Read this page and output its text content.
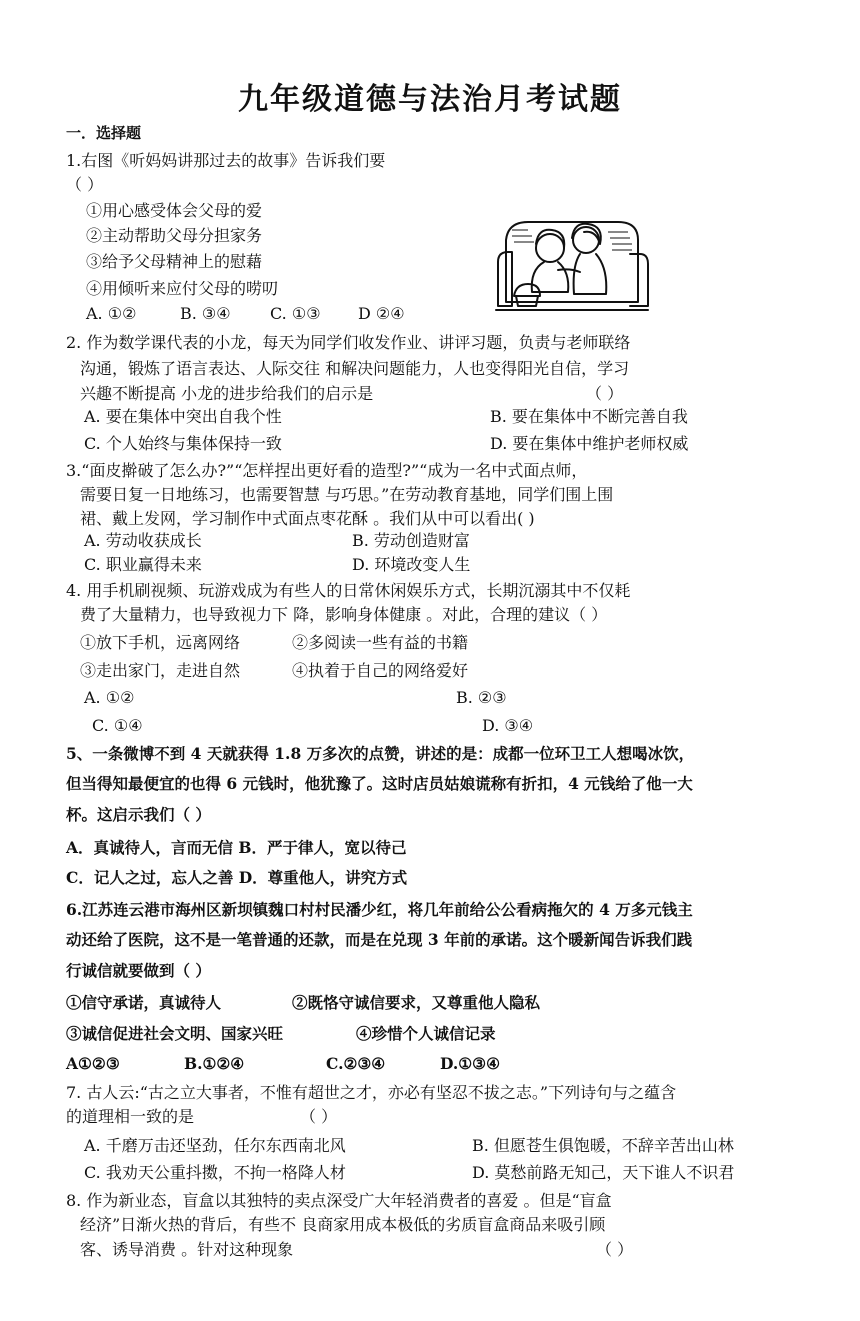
九年级道德与法治月考试题
一．选择题
1.右图《听妈妈讲那过去的故事》告诉我们要
（ ）
①用心感受体会父母的爱
②主动帮助父母分担家务
③给予父母精神上的慰藉
④用倾听来应付父母的唠叨
A. ①②	B. ③④ C. ①③ D ②④
2. 作为数学课代表的小龙，每天为同学们收发作业、讲评习题，负责与老师联络
沟通，锻炼了语言表达、人际交往 和解决问题能力，人也变得阳光自信，学习
兴趣不断提高 小龙的进步给我们的启示是	（ ）
A. 要在集体中突出自我个性	B. 要在集体中不断完善自我
C. 个人始终与集体保持一致	D. 要在集体中维护老师权威
3.“面皮擀破了怎么办?”“怎样捏出更好看的造型?”“成为一名中式面点师，
需要日复一日地练习，也需要智慧 与巧思。”在劳动教育基地，同学们围上围
裙、戴上发网，学习制作中式面点枣花酥 。我们从中可以看出( )
A. 劳动收获成长	B. 劳动创造财富
C. 职业赢得未来	D. 环境改变人生
4. 用手机刷视频、玩游戏成为有些人的日常休闲娱乐方式，长期沉溺其中不仅耗
费了大量精力，也导致视力下 降，影响身体健康 。对此，合理的建议（ ）
①放下手机，远离网络	②多阅读一些有益的书籍
③走出家门，走进自然	④执着于自己的网络爱好
A. ①②	B. ②③
C. ①④	D. ③④
5、一条微博不到 4 天就获得 1.8 万多次的点赞，讲述的是：成都一位环卫工人想喝冰饮，
但当得知最便宜的也得 6 元钱时，他犹豫了。这时店员姑娘谎称有折扣，4 元钱给了他一大
杯。这启示我们（ ）
A．真诚待人，言而无信 B．严于律人，宽以待己
C．记人之过，忘人之善 D．尊重他人，讲究方式
6.江苏连云港市海州区新坝镇魏口村村民潘少红，将几年前给公公看病拖欠的 4 万多元钱主
动还给了医院，这不是一笔普通的还款，而是在兑现 3 年前的承诺。这个暖新闻告诉我们践
行诚信就要做到（ ）
①信守承诺，真诚待人	②既恪守诚信要求，又尊重他人隐私
③诚信促进社会文明、国家兴旺	④珍惜个人诚信记录
A①②③	B.①②④	C.②③④	D.①③④
7. 古人云:“古之立大事者，不惟有超世之才，亦必有坚忍不拔之志。”下列诗句与之蕴含
的道理相一致的是	（ ）
A. 千磨万击还坚劲，任尔东西南北风	B. 但愿苍生俱饱暖，不辞辛苦出山林
C. 我劝天公重抖擞，不拘一格降人材	D. 莫愁前路无知己，天下谁人不识君
8. 作为新业态，盲盒以其独特的卖点深受广大年轻消费者的喜爱 。但是“盲盒
经济”日渐火热的背后，有些不 良商家用成本极低的劣质盲盒商品来吸引顾
客、诱导消费 。针对这种现象	（ ）
